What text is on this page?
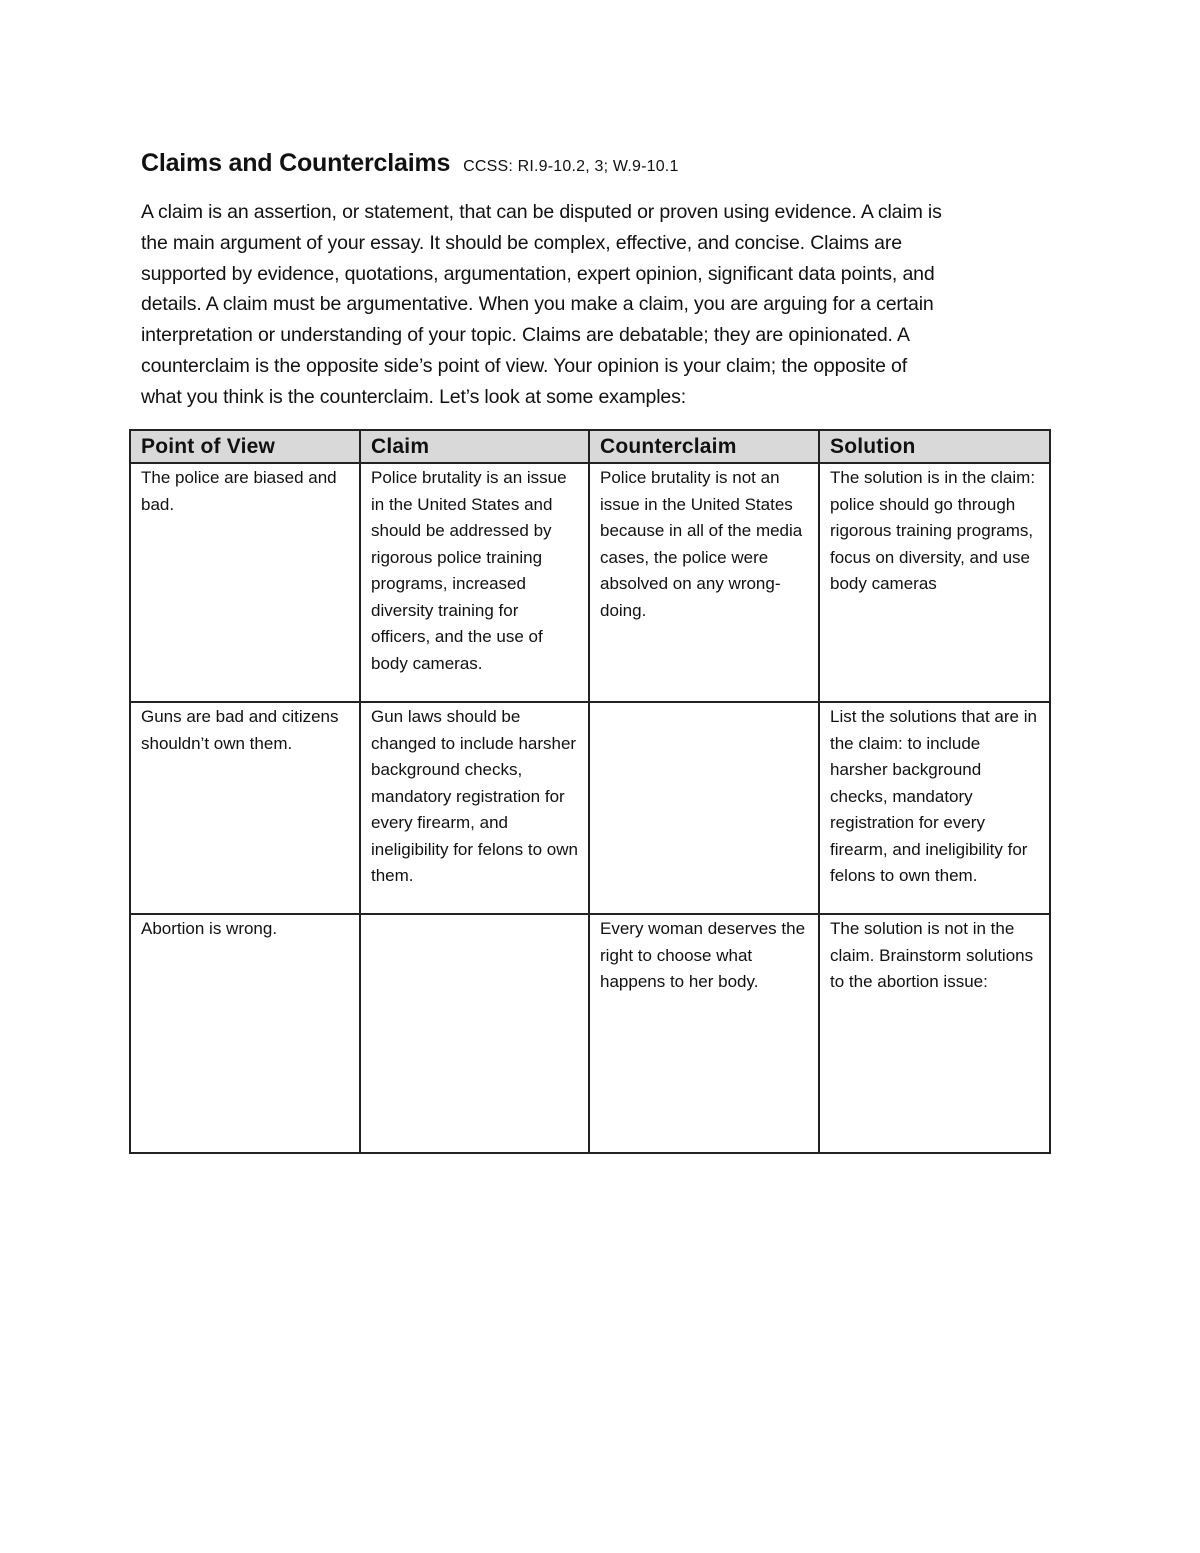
Claims and Counterclaims CCSS: RI.9-10.2, 3; W.9-10.1

A claim is an assertion, or statement, that can be disputed or proven using evidence. A claim is
the main argument of your essay. It should be complex, effective, and concise. Claims are
supported by evidence, quotations, argumentation, expert opinion, significant data points, and
details. A claim must be argumentative. When you make a claim, you are arguing for a certain
interpretation or understanding of your topic. Claims are debatable; they are opinionated. A
counterclaim is the opposite side’s point of view. Your opinion is your claim; the opposite of
what you think is the counterclaim. Let’s look at some examples:

Point of View	Claim	Counterclaim	Solution
The police are biased and bad.	Police brutality is an issue in the United States and should be addressed by rigorous police training programs, increased diversity training for officers, and the use of body cameras.	Police brutality is not an issue in the United States because in all of the media cases, the police were absolved on any wrong-doing.	The solution is in the claim: police should go through rigorous training programs, focus on diversity, and use body cameras
Guns are bad and citizens shouldn’t own them.	Gun laws should be changed to include harsher background checks, mandatory registration for every firearm, and ineligibility for felons to own them.		List the solutions that are in the claim: to include harsher background checks, mandatory registration for every firearm, and ineligibility for felons to own them.
Abortion is wrong.		Every woman deserves the right to choose what happens to her body.	The solution is not in the claim. Brainstorm solutions to the abortion issue:
